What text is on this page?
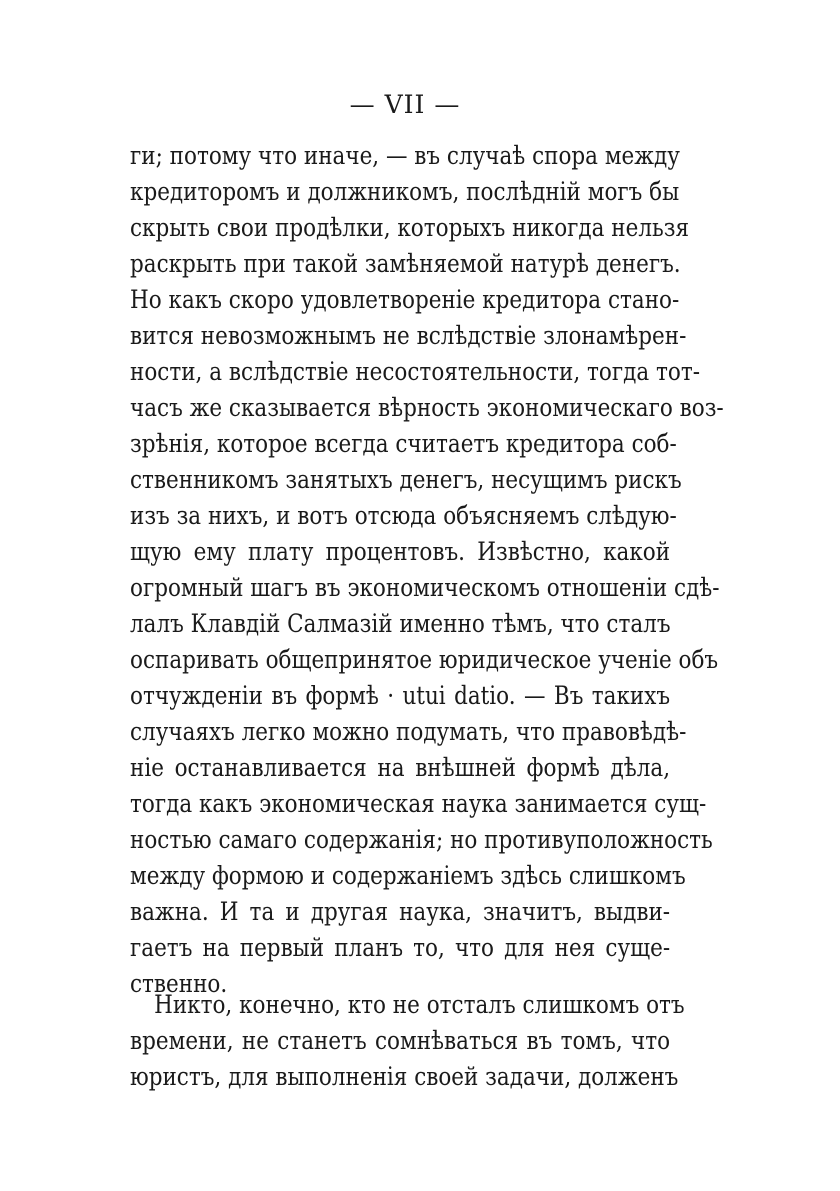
— VII —
ги; потому что иначе, — въ случаѣ спора между
кредиторомъ и должникомъ, послѣднiй могъ бы
скрыть свои продѣлки, которыхъ никогда нельзя
раскрыть при такой замѣняемой натурѣ денегъ.
Но какъ скоро удовлетворенiе кредитора стано-
вится невозможнымъ не вслѣдствiе злонамѣрен-
ности, а вслѣдствiе несостоятельности, тогда тот-
часъ же сказывается вѣрность экономическаго воз-
зрѣнiя, которое всегда считаетъ кредитора соб-
ственникомъ занятыхъ денегъ, несущимъ рискъ
изъ за нихъ, и вотъ отсюда объясняемъ слѣдую-
щую ему плату процентовъ. Извѣстно, какой
огромный шагъ въ экономическомъ отношенiи сдѣ-
лалъ Клавдiй Салмазiй именно тѣмъ, что сталъ
оспаривать общепринятое юридическое ученiе объ
отчужденiи въ формѣ · utui datio. — Въ такихъ
случаяхъ легко можно подумать, что правовѣдѣ-
нiе останавливается на внѣшней формѣ дѣла,
тогда какъ экономическая наука занимается сущ-
ностью самаго содержанiя; но противуположность
между формою и содержанiемъ здѣсь слишкомъ
важна. И та и другая наука, значитъ, выдви-
гаетъ на первый планъ то, что для нея суще-
ственно.
Никто, конечно, кто не отсталъ слишкомъ отъ
времени, не станетъ сомнѣваться въ томъ, что
юристъ, для выполненiя своей задачи, долженъ
